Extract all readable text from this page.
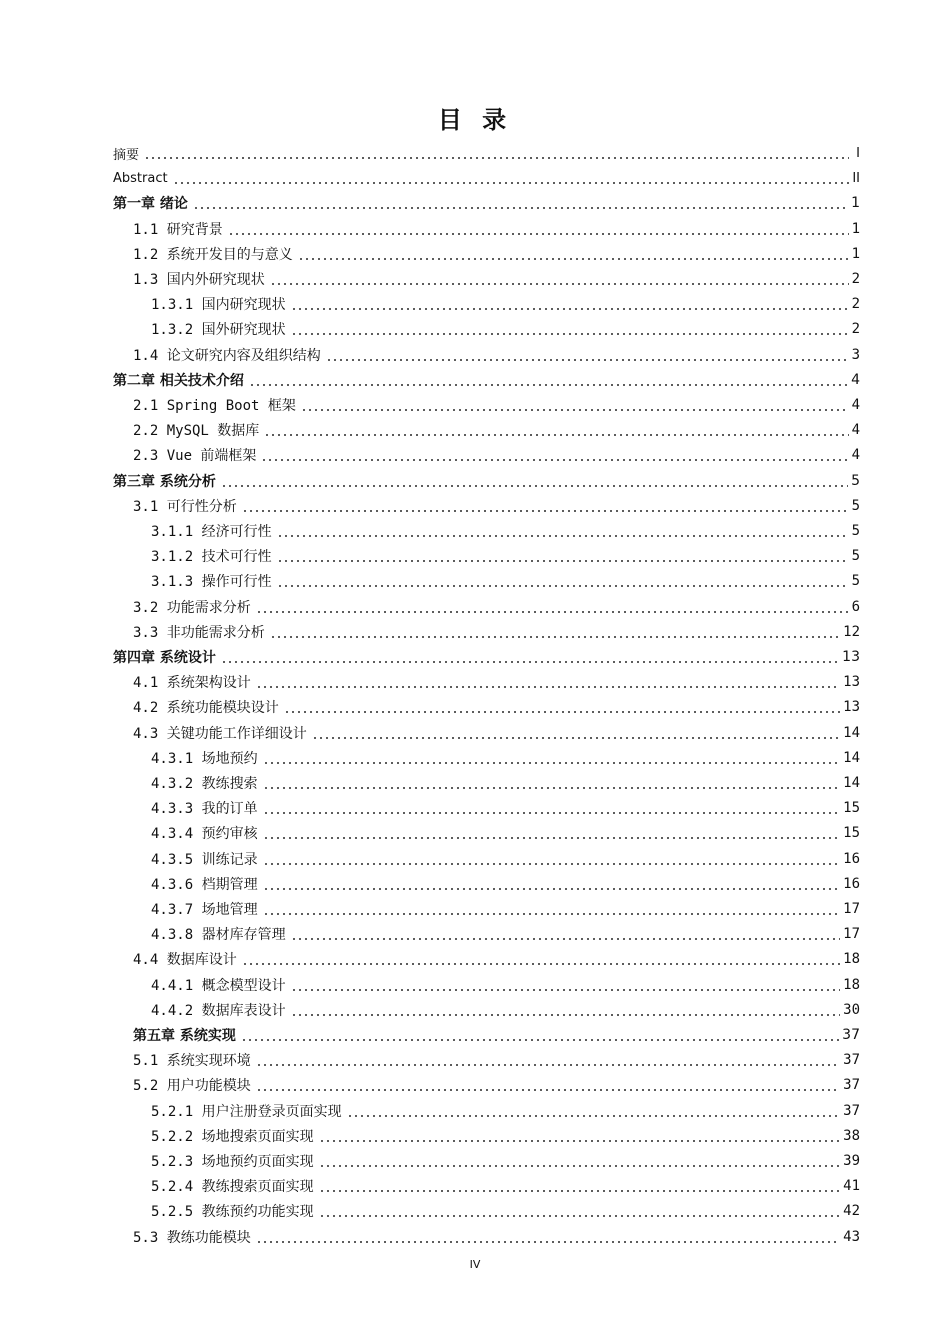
目 录
摘要	I
Abstract	II
第一章 绪论	1
1.1 研究背景	1
1.2 系统开发目的与意义	1
1.3 国内外研究现状	2
1.3.1 国内研究现状	2
1.3.2 国外研究现状	2
1.4 论文研究内容及组织结构	3
第二章 相关技术介绍	4
2.1 Spring Boot 框架	4
2.2 MySQL 数据库	4
2.3 Vue 前端框架	4
第三章 系统分析	5
3.1 可行性分析	5
3.1.1 经济可行性	5
3.1.2 技术可行性	5
3.1.3 操作可行性	5
3.2 功能需求分析	6
3.3 非功能需求分析	12
第四章 系统设计	13
4.1 系统架构设计	13
4.2 系统功能模块设计	13
4.3 关键功能工作详细设计	14
4.3.1 场地预约	14
4.3.2 教练搜索	14
4.3.3 我的订单	15
4.3.4 预约审核	15
4.3.5 训练记录	16
4.3.6 档期管理	16
4.3.7 场地管理	17
4.3.8 器材库存管理	17
4.4 数据库设计	18
4.4.1 概念模型设计	18
4.4.2 数据库表设计	30
第五章 系统实现	37
5.1 系统实现环境	37
5.2 用户功能模块	37
5.2.1 用户注册登录页面实现	37
5.2.2 场地搜索页面实现	38
5.2.3 场地预约页面实现	39
5.2.4 教练搜索页面实现	41
5.2.5 教练预约功能实现	42
5.3 教练功能模块	43
IV
